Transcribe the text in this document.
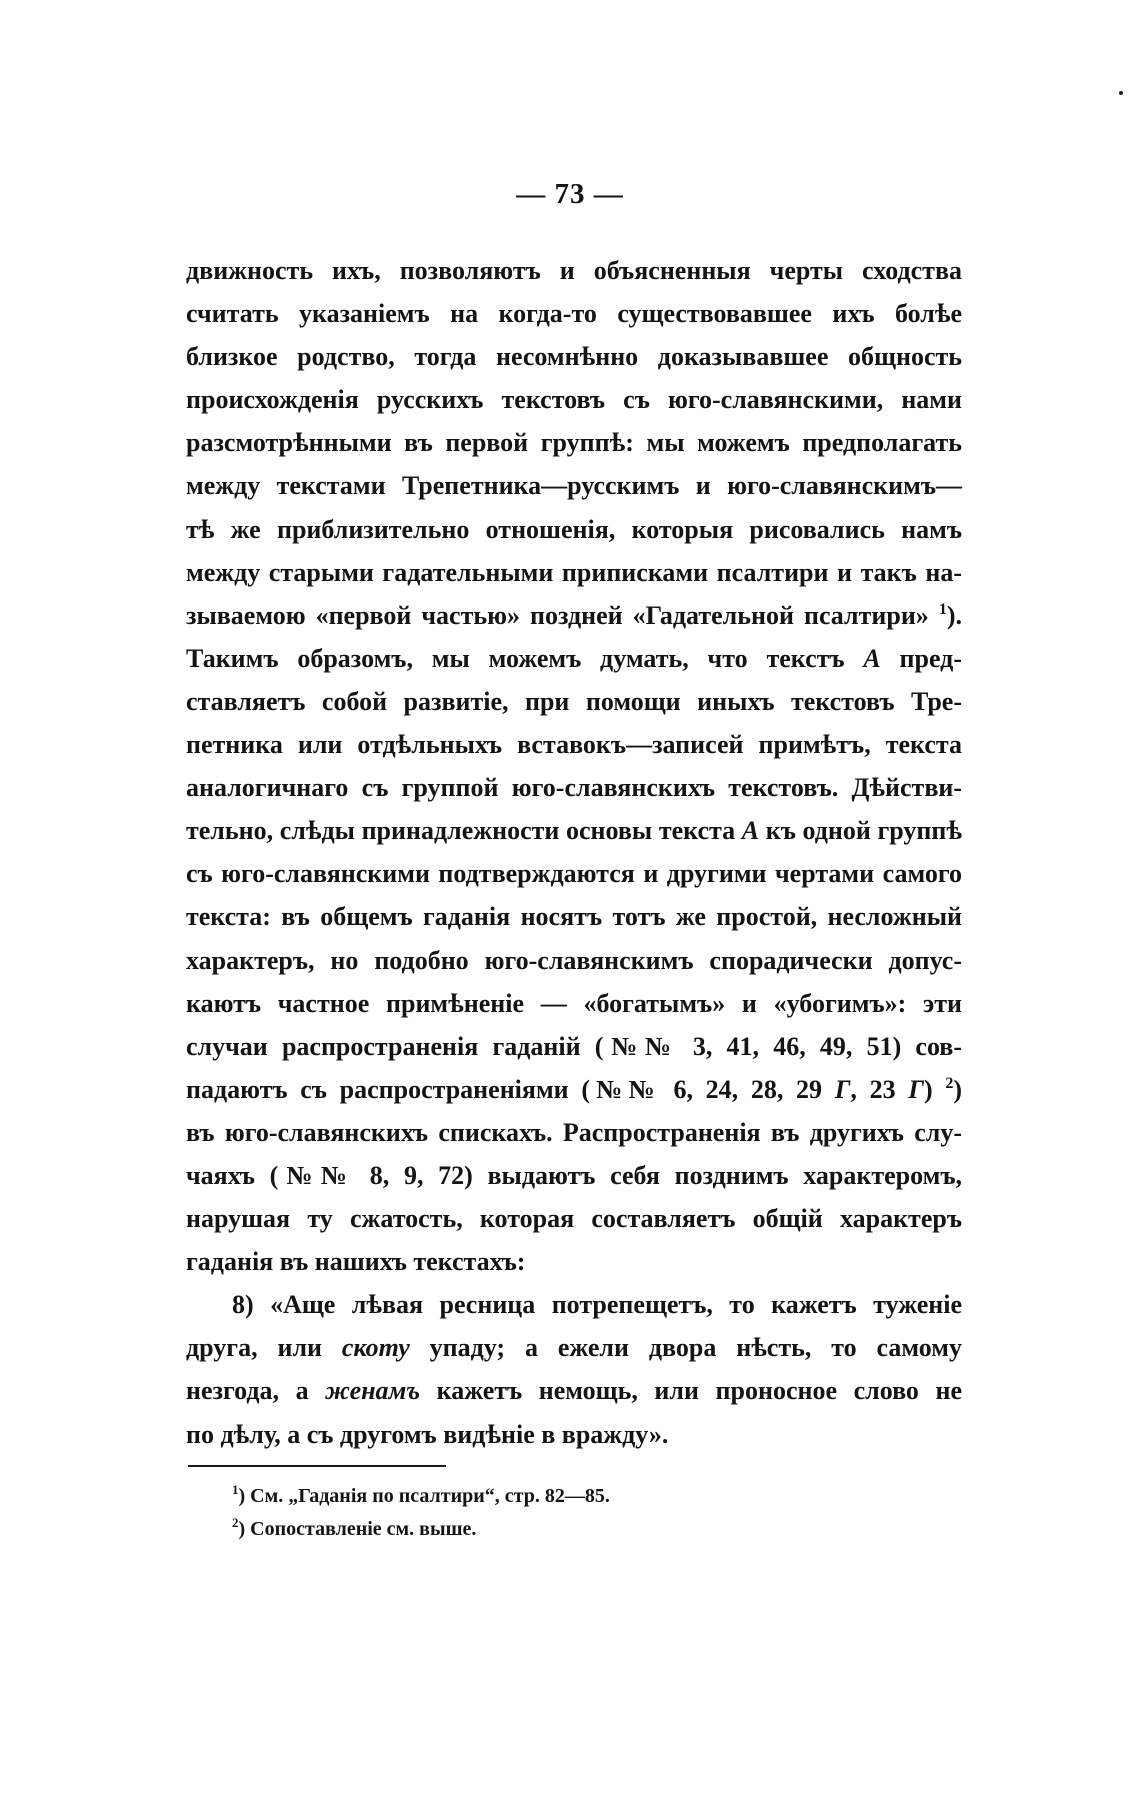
— 73 —
движность ихъ, позволяютъ и объясненныя черты сходства
считать указаніемъ на когда-то существовавшее ихъ болѣе
близкое родство, тогда несомнѣнно доказывавшее общность
происхожденія русскихъ текстовъ съ юго-славянскими, нами
разсмотрѣнными въ первой группѣ: мы можемъ предполагать
между текстами Трепетника—русскимъ и юго-славянскимъ—
тѣ же приблизительно отношенія, которыя рисовались намъ
между старыми гадательными приписками псалтири и такъ на-
зываемою «первой частью» поздней «Гадательной псалтири» $^1$).
Такимъ образомъ, мы можемъ думать, что текстъ А пред-
ставляетъ собой развитіе, при помощи иныхъ текстовъ Тре-
петника или отдѣльныхъ вставокъ—записей примѣтъ, текста
аналогичнаго съ группой юго-славянскихъ текстовъ. Дѣйстви-
тельно, слѣды принадлежности основы текста А къ одной группѣ
съ юго-славянскими подтверждаются и другими чертами самого
текста: въ общемъ гаданія носятъ тотъ же простой, несложный
характеръ, но подобно юго-славянскимъ спорадически допус-
каютъ частное примѣненіе — «богатымъ» и «убогимъ»: эти
случаи распространенія гаданій (№№ 3, 41, 46, 49, 51) сов-
падаютъ съ распространеніями (№№ 6, 24, 28, 29 Г, 23 Г) $^2$)
въ юго-славянскихъ спискахъ. Распространенія въ другихъ слу-
чаяхъ (№№ 8, 9, 72) выдаютъ себя позднимъ характеромъ,
нарушая ту сжатость, которая составляетъ общій характеръ
гаданія въ нашихъ текстахъ:
8) «Аще лѣвая ресница потрепещетъ, то кажетъ туженіе
друга, или скоту упаду; а ежели двора нѣсть, то самому
незгода, а женамъ кажетъ немощь, или проносное слово не
по дѣлу, а съ другомъ видѣніе в вражду».
$^1$) См. „Гаданія по псалтири“, стр. 82—85.
$^2$) Сопоставленіе см. выше.
